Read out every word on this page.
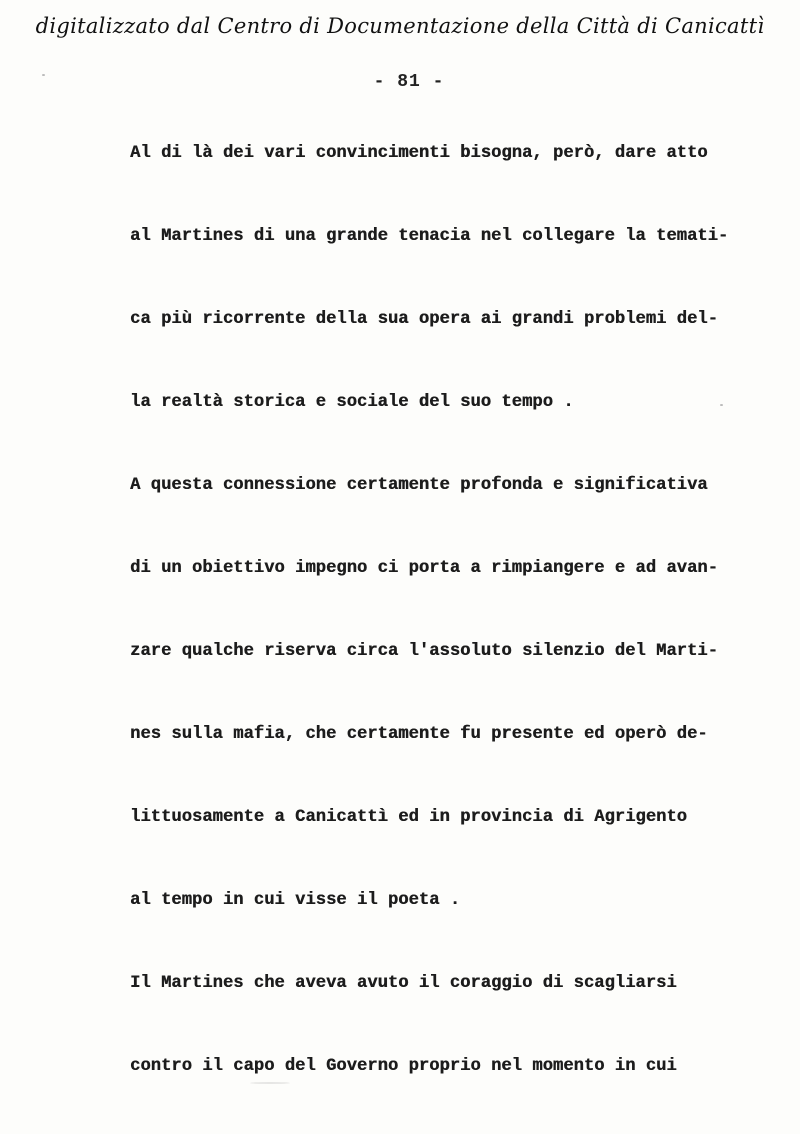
digitalizzato dal Centro di Documentazione della Città di Canicattì
- 81 -
Al di là dei vari convincimenti bisogna, però, dare atto
al Martines di una grande tenacia nel collegare la temati-
ca più ricorrente della sua opera ai grandi problemi del-
la realtà storica e sociale del suo tempo .
A questa connessione certamente profonda e significativa
di un obiettivo impegno ci porta a rimpiangere e ad avan-
zare qualche riserva circa l'assoluto silenzio del Marti-
nes sulla mafia, che certamente fu presente ed operò de-
littuosamente a Canicattì ed in provincia di Agrigento
al tempo in cui visse il poeta .
Il Martines che aveva avuto il coraggio di scagliarsi
contro il capo del Governo proprio nel momento in cui
